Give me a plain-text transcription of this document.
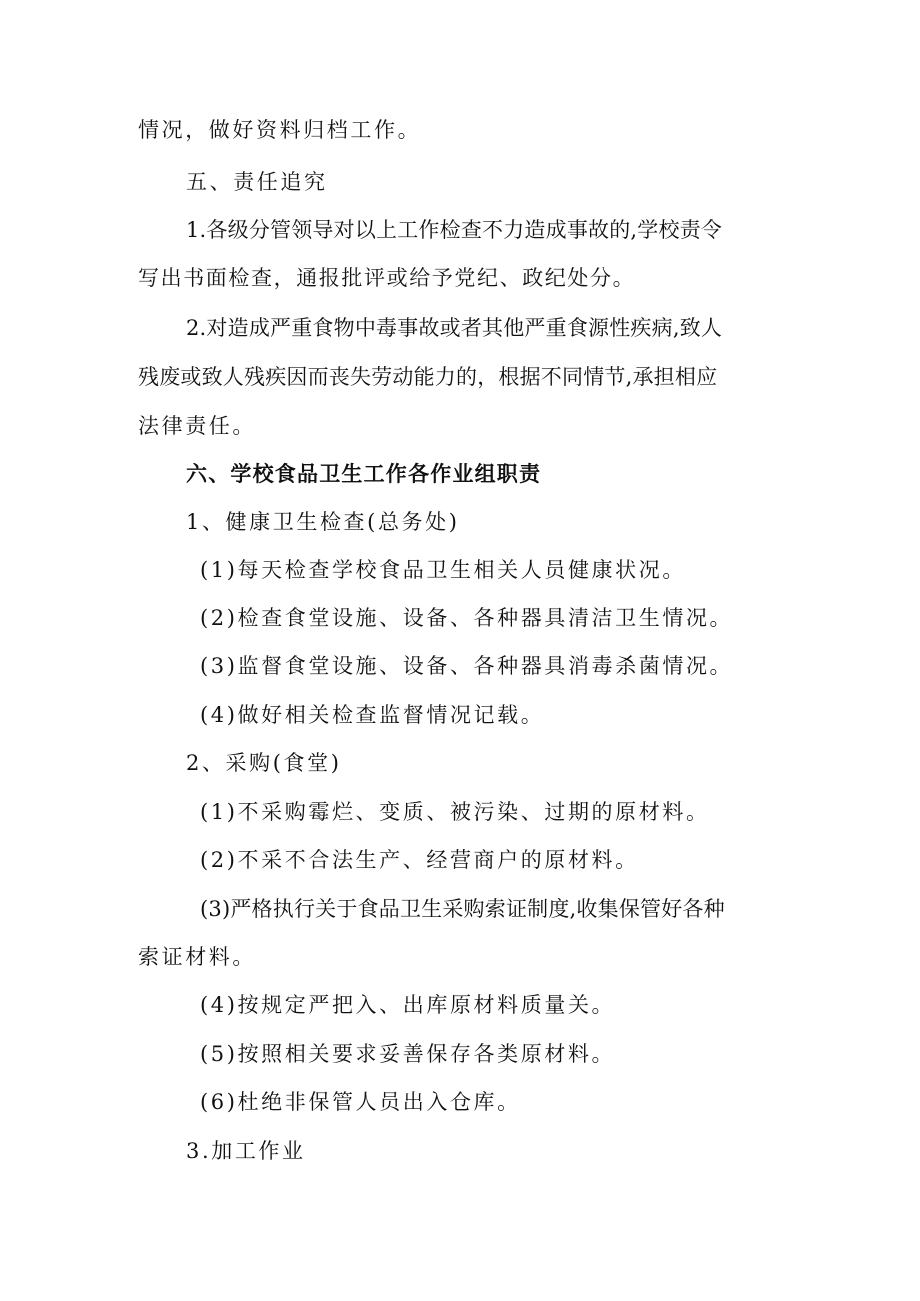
情况，做好资料归档工作。

五、责任追究

1.各级分管领导对以上工作检查不力造成事故的,学校责令

写出书面检查，通报批评或给予党纪、政纪处分。

2.对造成严重食物中毒事故或者其他严重食源性疾病,致人

残废或致人残疾因而丧失劳动能力的，根据不同情节,承担相应

法律责任。

六、学校食品卫生工作各作业组职责

1、健康卫生检查(总务处)

(1)每天检查学校食品卫生相关人员健康状况。

(2)检查食堂设施、设备、各种器具清洁卫生情况。

(3)监督食堂设施、设备、各种器具消毒杀菌情况。

(4)做好相关检查监督情况记载。

2、采购(食堂)

(1)不采购霉烂、变质、被污染、过期的原材料。

(2)不采不合法生产、经营商户的原材料。

(3)严格执行关于食品卫生采购索证制度,收集保管好各种

索证材料。

(4)按规定严把入、出库原材料质量关。

(5)按照相关要求妥善保存各类原材料。

(6)杜绝非保管人员出入仓库。

3.加工作业
